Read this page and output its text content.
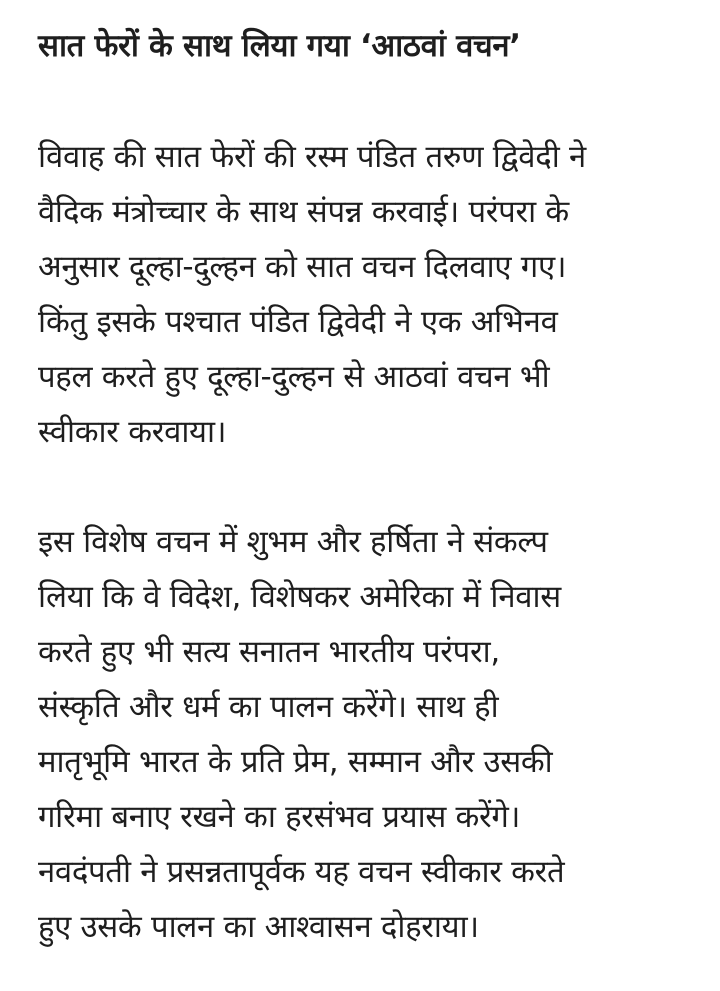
सात फेरों के साथ लिया गया ‘आठवां वचन’

विवाह की सात फेरों की रस्म पंडित तरुण द्विवेदी ने
वैदिक मंत्रोच्चार के साथ संपन्न करवाई। परंपरा के
अनुसार दूल्हा-दुल्हन को सात वचन दिलवाए गए।
किंतु इसके पश्चात पंडित द्विवेदी ने एक अभिनव
पहल करते हुए दूल्हा-दुल्हन से आठवां वचन भी
स्वीकार करवाया।

इस विशेष वचन में शुभम और हर्षिता ने संकल्प
लिया कि वे विदेश, विशेषकर अमेरिका में निवास
करते हुए भी सत्य सनातन भारतीय परंपरा,
संस्कृति और धर्म का पालन करेंगे। साथ ही
मातृभूमि भारत के प्रति प्रेम, सम्मान और उसकी
गरिमा बनाए रखने का हरसंभव प्रयास करेंगे।
नवदंपती ने प्रसन्नतापूर्वक यह वचन स्वीकार करते
हुए उसके पालन का आश्वासन दोहराया।
